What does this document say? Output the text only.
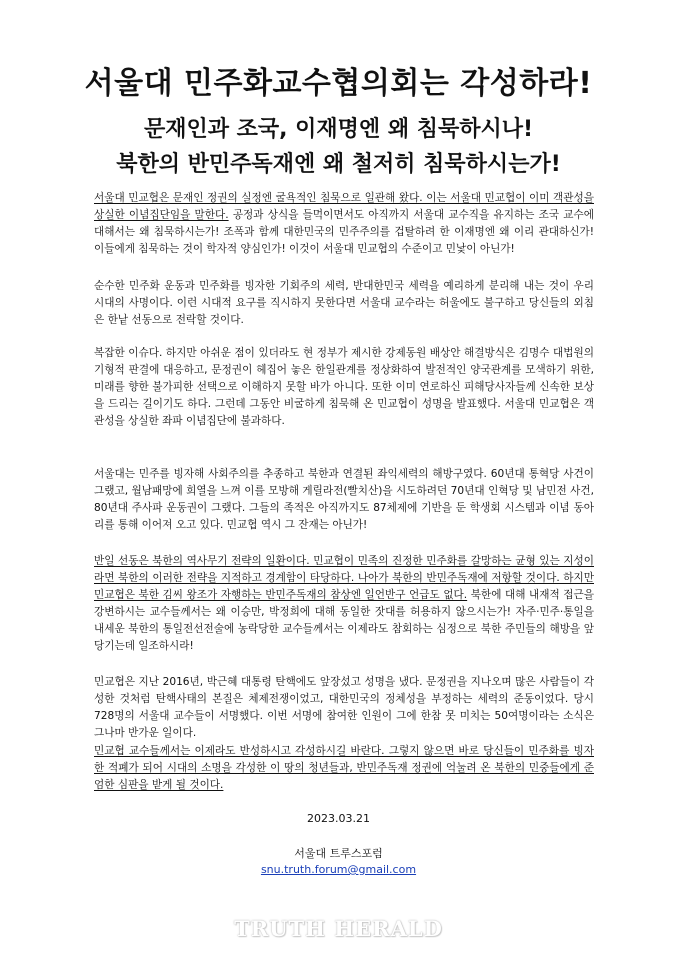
서울대 민주화교수협의회는 각성하라!
문재인과 조국, 이재명엔 왜 침묵하시나!
북한의 반민주독재엔 왜 철저히 침묵하시는가!

서울대 민교협은 문재인 정권의 실정엔 굴욕적인 침묵으로 일관해 왔다. 이는 서울대 민교협이 이미 객관성을 상실한 이념집단임을 말한다. 공정과 상식을 들먹이면서도 아직까지 서울대 교수직을 유지하는 조국 교수에 대해서는 왜 침묵하시는가! 조폭과 함께 대한민국의 민주주의를 겁탈하려 한 이재명엔 왜 이리 관대하신가! 이들에게 침묵하는 것이 학자적 양심인가! 이것이 서울대 민교협의 수준이고 민낯이 아닌가!

순수한 민주화 운동과 민주화를 빙자한 기회주의 세력, 반대한민국 세력을 예리하게 분리해 내는 것이 우리 시대의 사명이다. 이런 시대적 요구를 직시하지 못한다면 서울대 교수라는 허울에도 불구하고 당신들의 외침은 한낱 선동으로 전락할 것이다.

복잡한 이슈다. 하지만 아쉬운 점이 있더라도 현 정부가 제시한 강제동원 배상안 해결방식은 김명수 대법원의 기형적 판결에 대응하고, 문정권이 헤집어 놓은 한일관계를 정상화하여 발전적인 양국관계를 모색하기 위한, 미래를 향한 불가피한 선택으로 이해하지 못할 바가 아니다. 또한 이미 연로하신 피해당사자들께 신속한 보상을 드리는 길이기도 하다. 그런데 그동안 비굴하게 침묵해 온 민교협이 성명을 발표했다. 서울대 민교협은 객관성을 상실한 좌파 이념집단에 불과하다.

서울대는 민주를 빙자해 사회주의를 추종하고 북한과 연결된 좌익세력의 해방구였다. 60년대 통혁당 사건이 그랬고, 월남패망에 희열을 느껴 이를 모방해 게릴라전(빨치산)을 시도하려던 70년대 인혁당 및 남민전 사건, 80년대 주사파 운동권이 그랬다. 그들의 족적은 아직까지도 87체제에 기반을 둔 학생회 시스템과 이념 동아리를 통해 이어져 오고 있다. 민교협 역시 그 잔재는 아닌가!

반일 선동은 북한의 역사무기 전략의 일환이다. 민교협이 민족의 진정한 민주화를 갈망하는 균형 있는 지성이라면 북한의 이러한 전략을 지적하고 경계함이 타당하다. 나아가 북한의 반민주독재에 저항할 것이다. 하지만 민교협은 북한 김씨 왕조가 자행하는 반민주독재의 참상엔 일언반구 언급도 없다. 북한에 대해 내재적 접근을 강변하시는 교수들께서는 왜 이승만, 박정희에 대해 동일한 잣대를 허용하지 않으시는가! 자주·민주·통일을 내세운 북한의 통일전선전술에 농락당한 교수들께서는 이제라도 참회하는 심정으로 북한 주민들의 해방을 앞당기는데 일조하시라!

민교협은 지난 2016년, 박근혜 대통령 탄핵에도 앞장섰고 성명을 냈다. 문정권을 지나오며 많은 사람들이 각성한 것처럼 탄핵사태의 본질은 체제전쟁이었고, 대한민국의 정체성을 부정하는 세력의 준동이었다. 당시 728명의 서울대 교수들이 서명했다. 이번 서명에 참여한 인원이 그에 한참 못 미치는 50여명이라는 소식은 그나마 반가운 일이다.

민교협 교수들께서는 이제라도 반성하시고 각성하시길 바란다. 그렇지 않으면 바로 당신들이 민주화를 빙자한 적폐가 되어 시대의 소명을 각성한 이 땅의 청년들과, 반민주독재 정권에 억눌려 온 북한의 민중들에게 준엄한 심판을 받게 될 것이다.

2023.03.21
서울대 트루스포럼
snu.truth.forum@gmail.com
TRUTH HERALD
